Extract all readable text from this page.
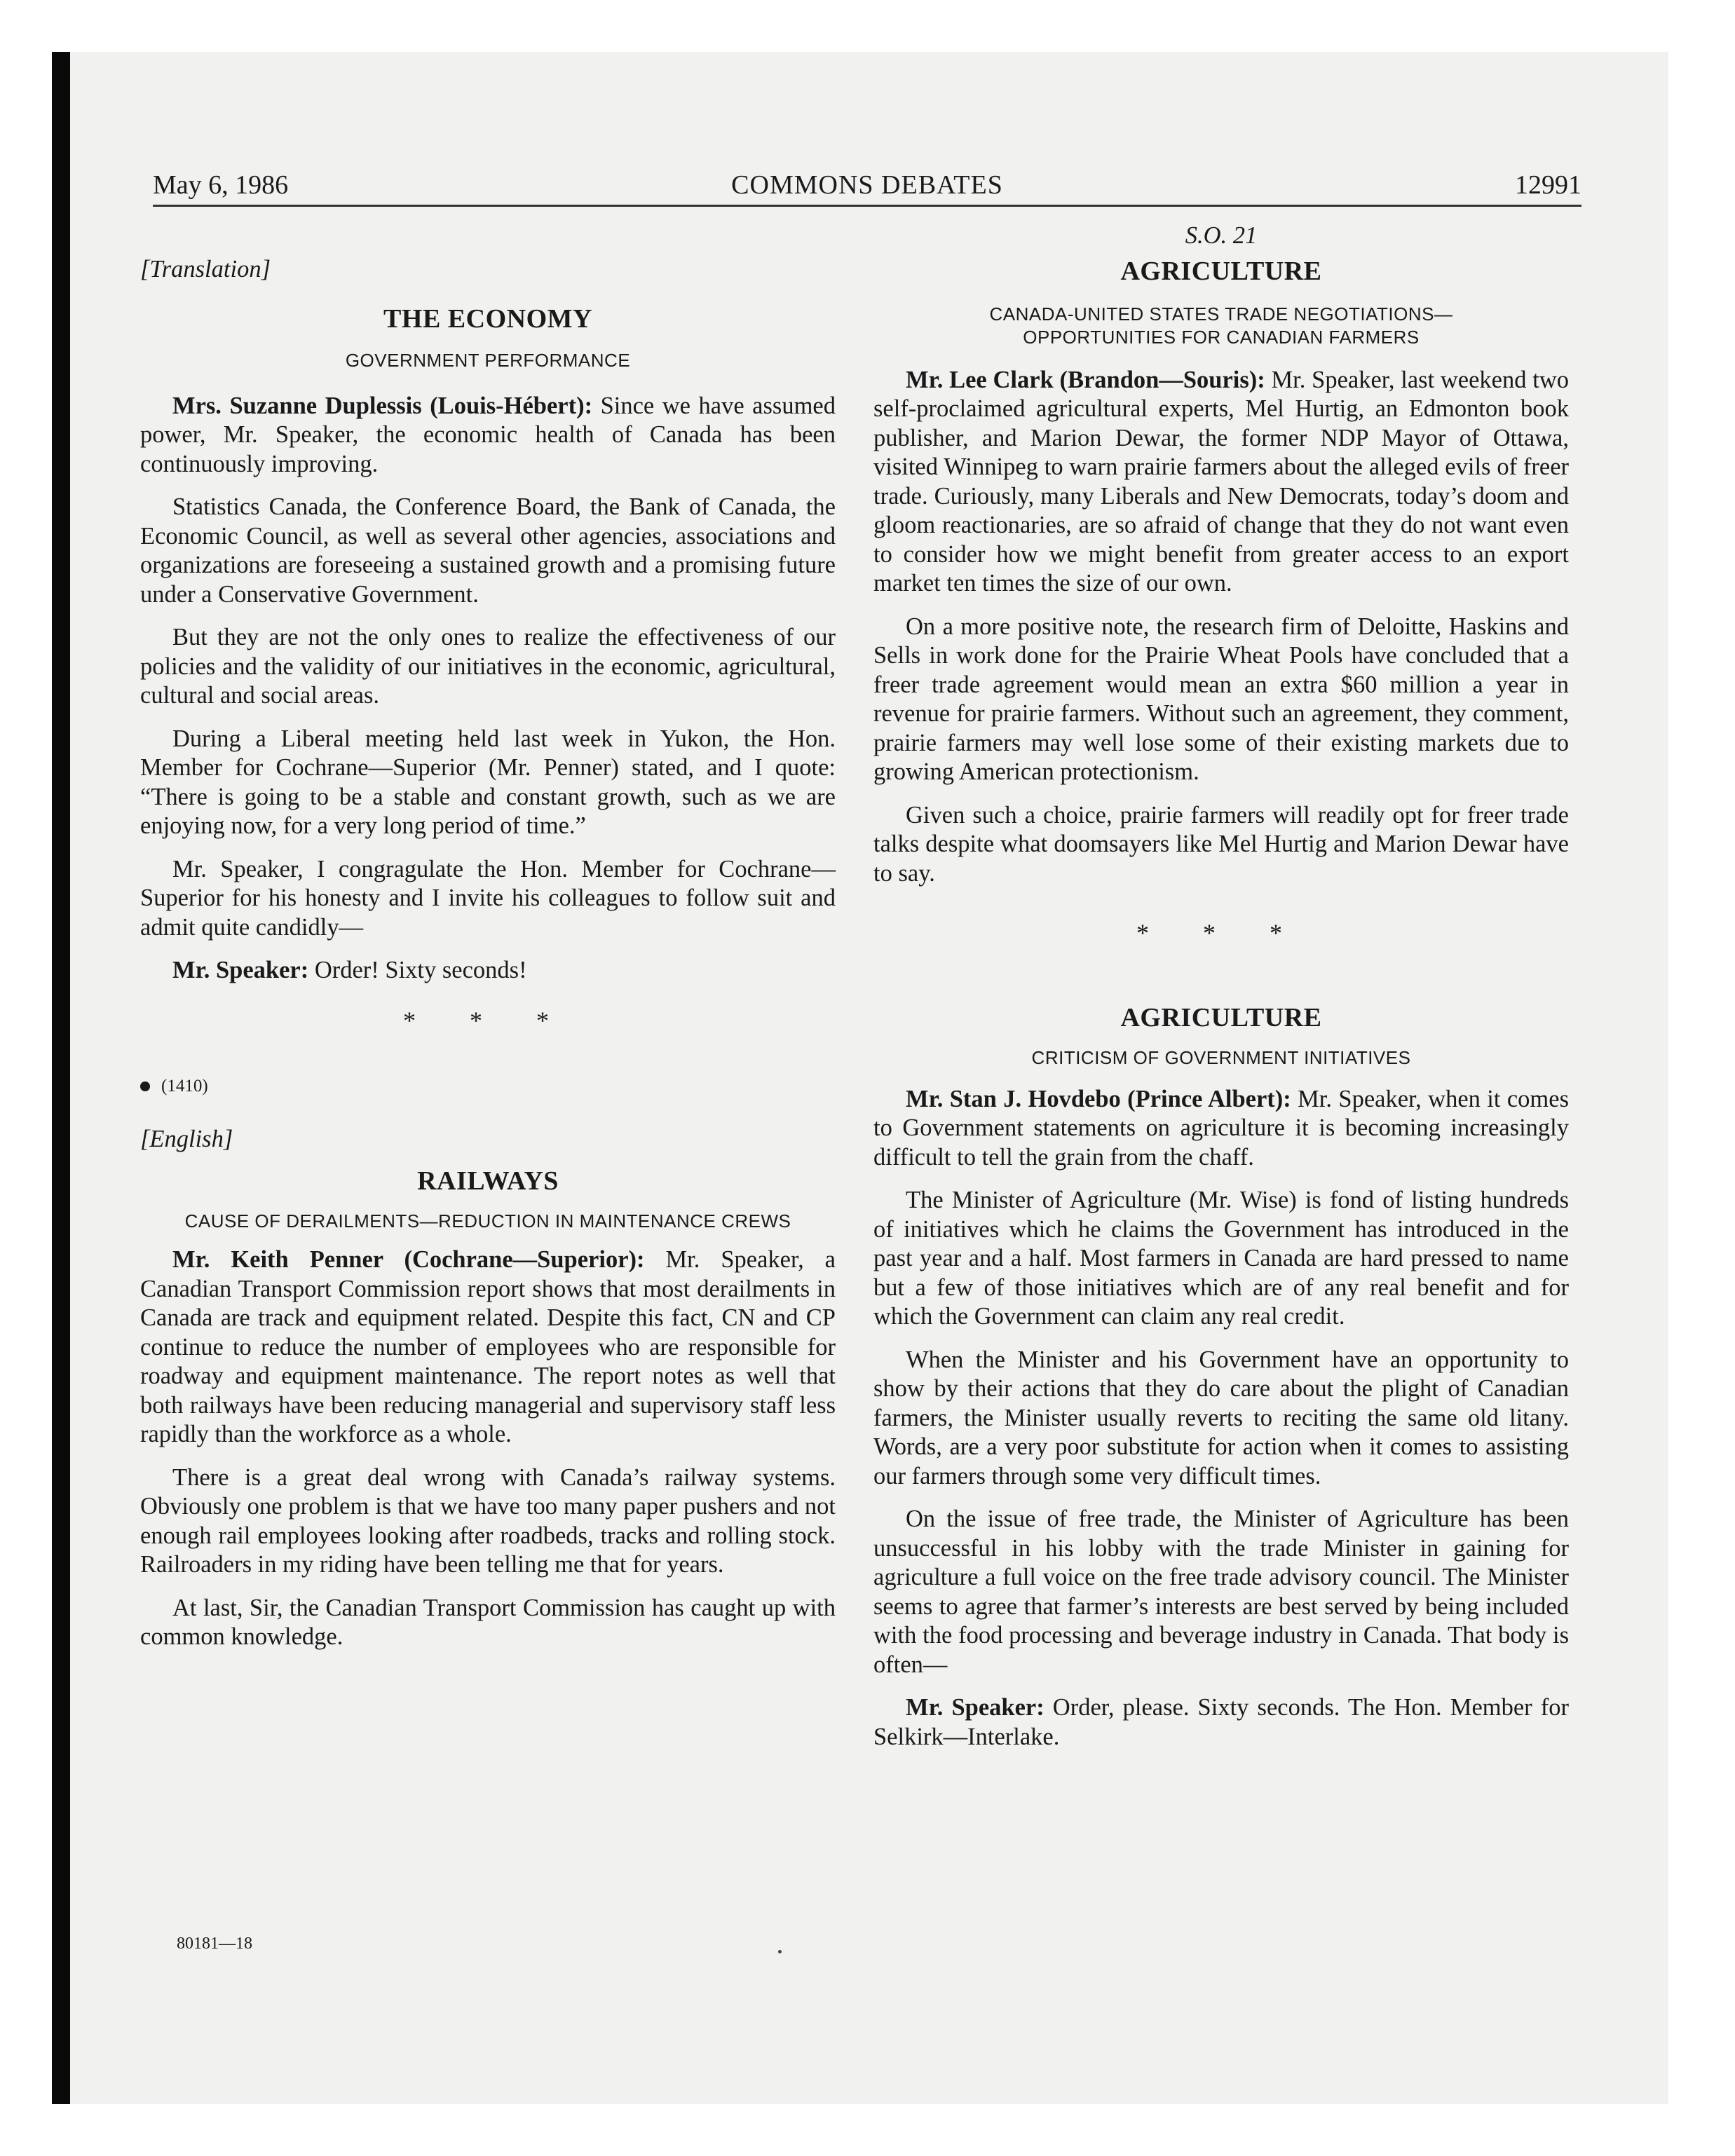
May 6, 1986	COMMONS DEBATES	12991

[Translation]

THE ECONOMY

GOVERNMENT PERFORMANCE

Mrs. Suzanne Duplessis (Louis-Hébert): Since we have assumed power, Mr. Speaker, the economic health of Canada has been continuously improving.

Statistics Canada, the Conference Board, the Bank of Canada, the Economic Council, as well as several other agencies, associations and organizations are foreseeing a sustained growth and a promising future under a Conservative Government.

But they are not the only ones to realize the effectiveness of our policies and the validity of our initiatives in the economic, agricultural, cultural and social areas.

During a Liberal meeting held last week in Yukon, the Hon. Member for Cochrane—Superior (Mr. Penner) stated, and I quote: “There is going to be a stable and constant growth, such as we are enjoying now, for a very long period of time.”

Mr. Speaker, I congragulate the Hon. Member for Cochrane—Superior for his honesty and I invite his colleagues to follow suit and admit quite candidly—

Mr. Speaker: Order! Sixty seconds!

* * *

(1410)

[English]

RAILWAYS

CAUSE OF DERAILMENTS—REDUCTION IN MAINTENANCE CREWS

Mr. Keith Penner (Cochrane—Superior): Mr. Speaker, a Canadian Transport Commission report shows that most derailments in Canada are track and equipment related. Despite this fact, CN and CP continue to reduce the number of employees who are responsible for roadway and equipment maintenance. The report notes as well that both railways have been reducing managerial and supervisory staff less rapidly than the workforce as a whole.

There is a great deal wrong with Canada’s railway systems. Obviously one problem is that we have too many paper pushers and not enough rail employees looking after roadbeds, tracks and rolling stock. Railroaders in my riding have been telling me that for years.

At last, Sir, the Canadian Transport Commission has caught up with common knowledge.

80181—18

S.O. 21

AGRICULTURE

CANADA-UNITED STATES TRADE NEGOTIATIONS— OPPORTUNITIES FOR CANADIAN FARMERS

Mr. Lee Clark (Brandon—Souris): Mr. Speaker, last weekend two self-proclaimed agricultural experts, Mel Hurtig, an Edmonton book publisher, and Marion Dewar, the former NDP Mayor of Ottawa, visited Winnipeg to warn prairie farmers about the alleged evils of freer trade. Curiously, many Liberals and New Democrats, today’s doom and gloom reactionaries, are so afraid of change that they do not want even to consider how we might benefit from greater access to an export market ten times the size of our own.

On a more positive note, the research firm of Deloitte, Haskins and Sells in work done for the Prairie Wheat Pools have concluded that a freer trade agreement would mean an extra $60 million a year in revenue for prairie farmers. Without such an agreement, they comment, prairie farmers may well lose some of their existing markets due to growing American protectionism.

Given such a choice, prairie farmers will readily opt for freer trade talks despite what doomsayers like Mel Hurtig and Marion Dewar have to say.

* * *

AGRICULTURE

CRITICISM OF GOVERNMENT INITIATIVES

Mr. Stan J. Hovdebo (Prince Albert): Mr. Speaker, when it comes to Government statements on agriculture it is becoming increasingly difficult to tell the grain from the chaff.

The Minister of Agriculture (Mr. Wise) is fond of listing hundreds of initiatives which he claims the Government has introduced in the past year and a half. Most farmers in Canada are hard pressed to name but a few of those initiatives which are of any real benefit and for which the Government can claim any real credit.

When the Minister and his Government have an opportunity to show by their actions that they do care about the plight of Canadian farmers, the Minister usually reverts to reciting the same old litany. Words, are a very poor substitute for action when it comes to assisting our farmers through some very difficult times.

On the issue of free trade, the Minister of Agriculture has been unsuccessful in his lobby with the trade Minister in gaining for agriculture a full voice on the free trade advisory council. The Minister seems to agree that farmer’s interests are best served by being included with the food processing and beverage industry in Canada. That body is often—

Mr. Speaker: Order, please. Sixty seconds. The Hon. Member for Selkirk—Interlake.
